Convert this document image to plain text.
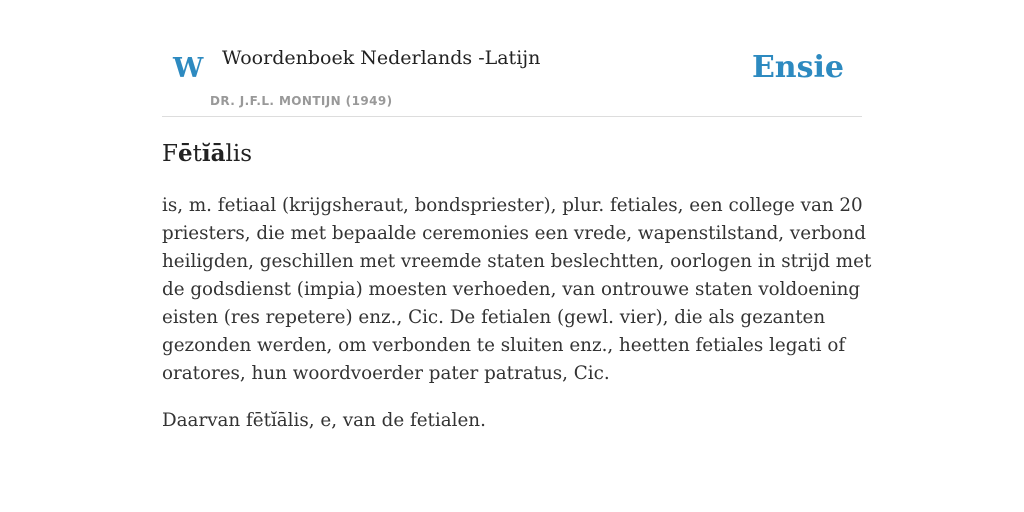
W Woordenboek Nederlands -Latijn
DR. J.F.L. MONTIJN (1949)
Ensie
Fētĭālis

is, m. fetiaal (krijgsheraut, bondspriester), plur. fetiales, een college van 20 priesters, die met bepaalde ceremonies een vrede, wapenstilstand, verbond heiligden, geschillen met vreemde staten beslechtten, oorlogen in strijd met de godsdienst (impia) moesten verhoeden, van ontrouwe staten voldoening eisten (res repetere) enz., Cic. De fetialen (gewl. vier), die als gezanten gezonden werden, om verbonden te sluiten enz., heetten fetiales legati of oratores, hun woordvoerder pater patratus, Cic.

Daarvan fētĭālis, e, van de fetialen.
